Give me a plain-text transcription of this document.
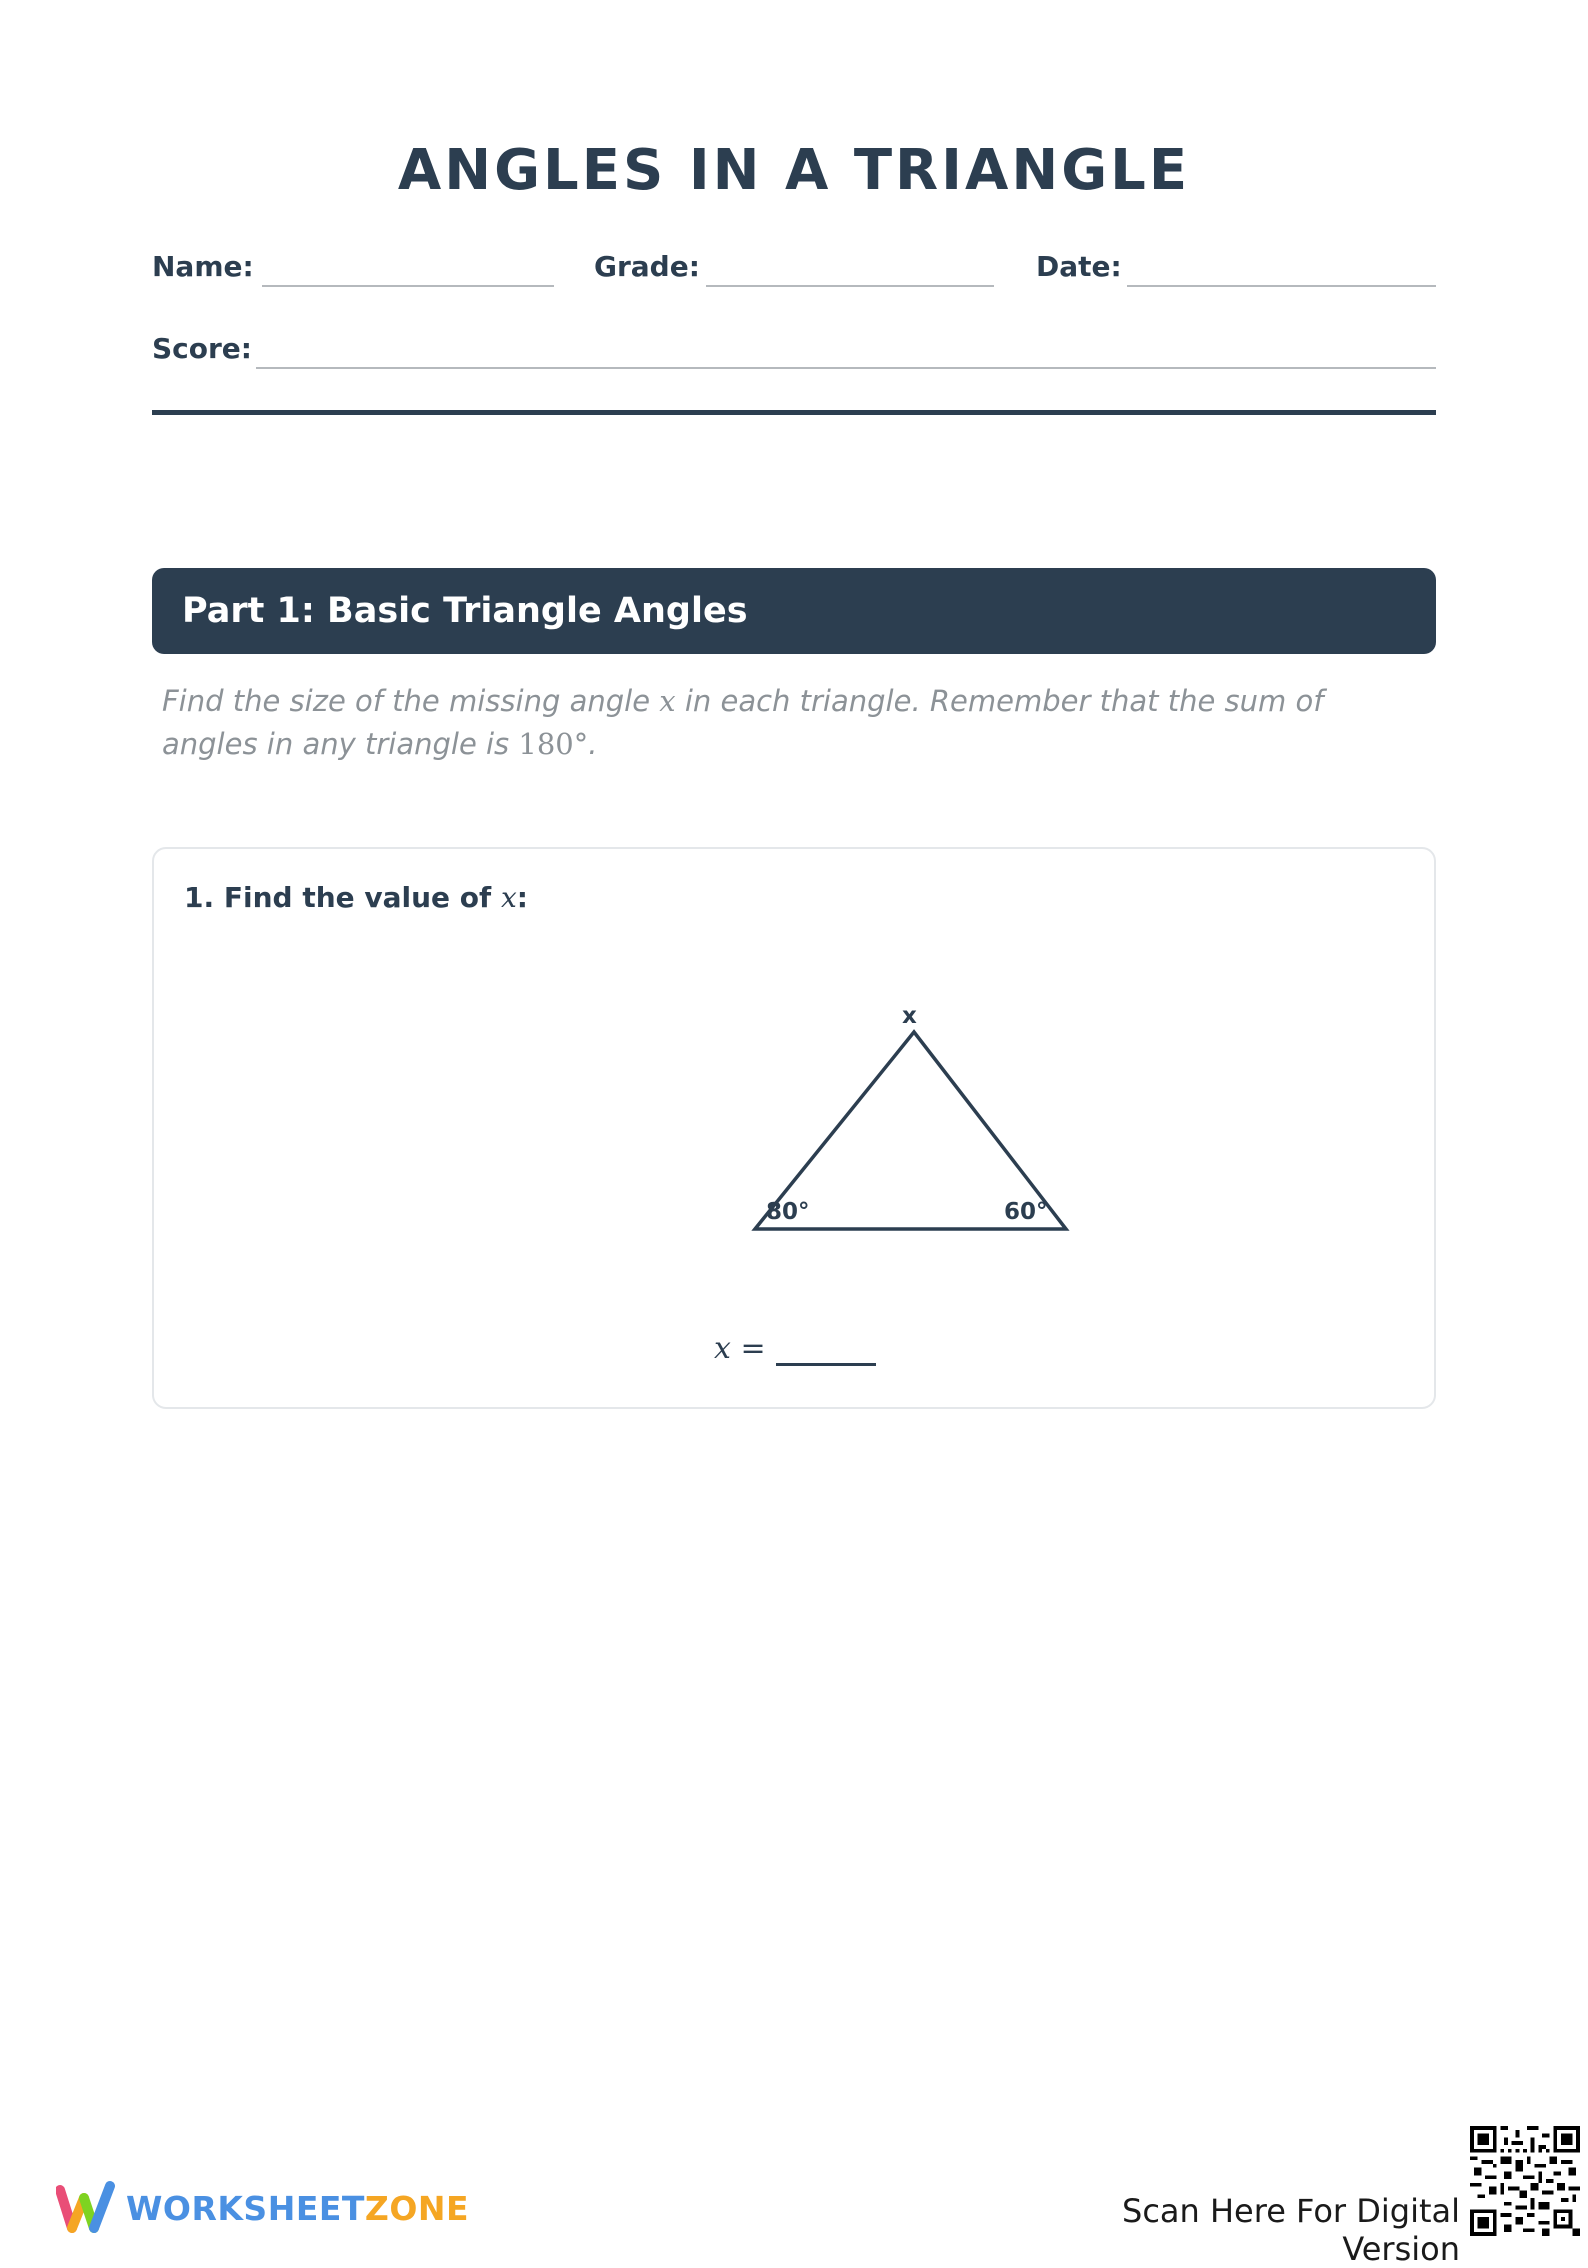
ANGLES IN A TRIANGLE
Name:	Grade:	Date:
Score:
Part 1: Basic Triangle Angles
Find the size of the missing angle x in each triangle. Remember that the sum of angles in any triangle is 180°.
1. Find the value of x:
x
80°	60°
x =
WORKSHEETZONE	Scan Here For Digital Version
